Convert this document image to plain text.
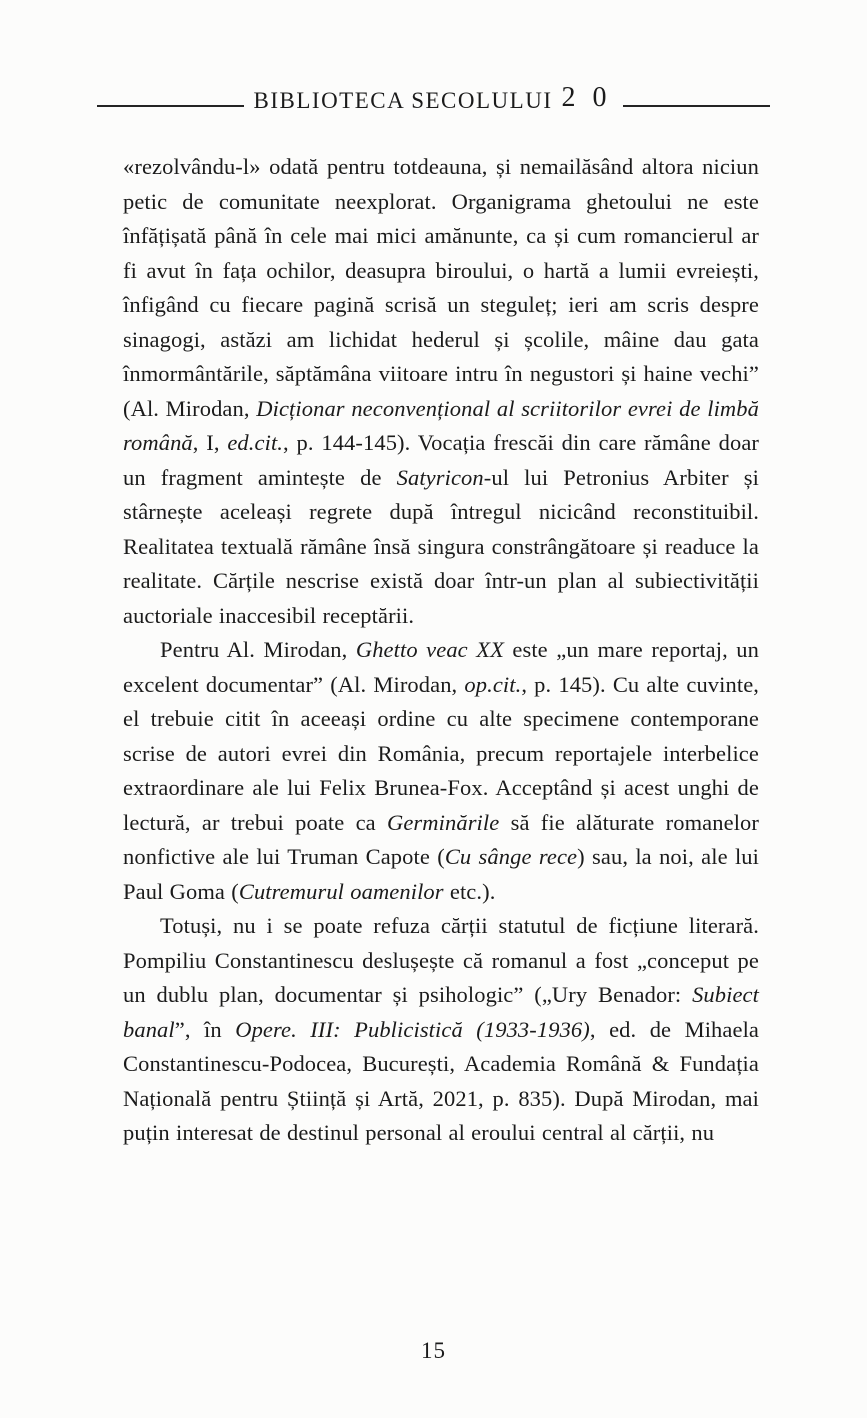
BIBLIOTECA SECOLULUI 2 0

«rezolvându-l» odată pentru totdeauna, și nemailăsând altora niciun petic de comunitate neexplorat. Organigrama ghetoului ne este înfățișată până în cele mai mici amănunte, ca și cum romancierul ar fi avut în fața ochilor, deasupra biroului, o hartă a lumii evreiești, înfigând cu fiecare pagină scrisă un steguleț; ieri am scris despre sinagogi, astăzi am lichidat hederul și școlile, mâine dau gata înmormântările, săptămâna viitoare intru în negustori și haine vechi” (Al. Mirodan, Dicționar neconvențional al scriitorilor evrei de limbă română, I, ed.cit., p. 144-145). Vocația frescăi din care rămâne doar un fragment amintește de Satyricon-ul lui Petronius Arbiter și stârnește aceleași regrete după întregul nicicând reconstituibil. Realitatea textuală rămâne însă singura constrângătoare și readuce la realitate. Cărțile nescrise există doar într-un plan al subiectivității auctoriale inaccesibil receptării.

Pentru Al. Mirodan, Ghetto veac XX este „un mare reportaj, un excelent documentar” (Al. Mirodan, op.cit., p. 145). Cu alte cuvinte, el trebuie citit în aceeași ordine cu alte specimene contemporane scrise de autori evrei din România, precum reportajele interbelice extraordinare ale lui Felix Brunea-Fox. Acceptând și acest unghi de lectură, ar trebui poate ca Germinările să fie alăturate romanelor nonfictive ale lui Truman Capote (Cu sânge rece) sau, la noi, ale lui Paul Goma (Cutremurul oamenilor etc.).

Totuși, nu i se poate refuza cărții statutul de ficțiune literară. Pompiliu Constantinescu deslușește că romanul a fost „conceput pe un dublu plan, documentar și psihologic” („Ury Benador: Subiect banal”, în Opere. III: Publicistică (1933-1936), ed. de Mihaela Constantinescu-Podocea, București, Academia Română & Fundația Națională pentru Știință și Artă, 2021, p. 835). După Mirodan, mai puțin interesat de destinul personal al eroului central al cărții, nu

15
